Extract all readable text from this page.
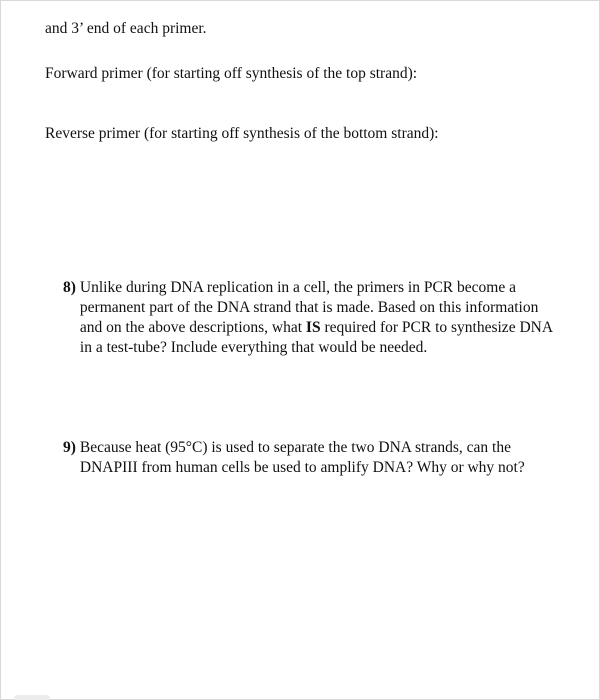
and 3’ end of each primer.
Forward primer (for starting off synthesis of the top strand):
Reverse primer (for starting off synthesis of the bottom strand):
8) Unlike during DNA replication in a cell, the primers in PCR become a permanent part of the DNA strand that is made. Based on this information and on the above descriptions, what IS required for PCR to synthesize DNA in a test-tube? Include everything that would be needed.
9) Because heat (95°C) is used to separate the two DNA strands, can the DNAPIII from human cells be used to amplify DNA? Why or why not?
